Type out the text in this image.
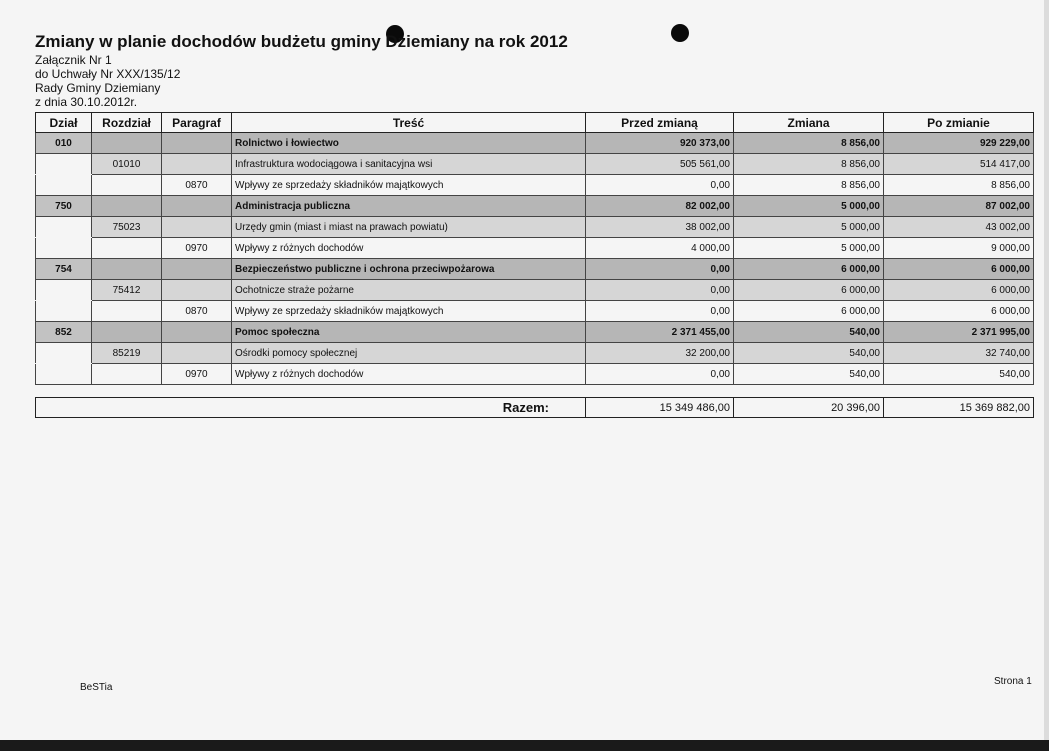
Zmiany w planie dochodów budżetu gminy Dziemiany na rok 2012
Załącznik Nr 1
do Uchwały Nr XXX/135/12
Rady Gminy Dziemiany
z dnia 30.10.2012r.
Dział	Rozdział	Paragraf	Treść	Przed zmianą	Zmiana	Po zmianie
010			Rolnictwo i łowiectwo	920 373,00	8 856,00	929 229,00
	01010		Infrastruktura wodociągowa i sanitacyjna wsi	505 561,00	8 856,00	514 417,00
		0870	Wpływy ze sprzedaży składników majątkowych	0,00	8 856,00	8 856,00
750			Administracja publiczna	82 002,00	5 000,00	87 002,00
	75023		Urzędy gmin (miast i miast na prawach powiatu)	38 002,00	5 000,00	43 002,00
		0970	Wpływy z różnych dochodów	4 000,00	5 000,00	9 000,00
754			Bezpieczeństwo publiczne i ochrona przeciwpożarowa	0,00	6 000,00	6 000,00
	75412		Ochotnicze straże pożarne	0,00	6 000,00	6 000,00
		0870	Wpływy ze sprzedaży składników majątkowych	0,00	6 000,00	6 000,00
852			Pomoc społeczna	2 371 455,00	540,00	2 371 995,00
	85219		Ośrodki pomocy społecznej	32 200,00	540,00	32 740,00
		0970	Wpływy z różnych dochodów	0,00	540,00	540,00
Razem:	15 349 486,00	20 396,00	15 369 882,00
BeSTia
Strona 1
